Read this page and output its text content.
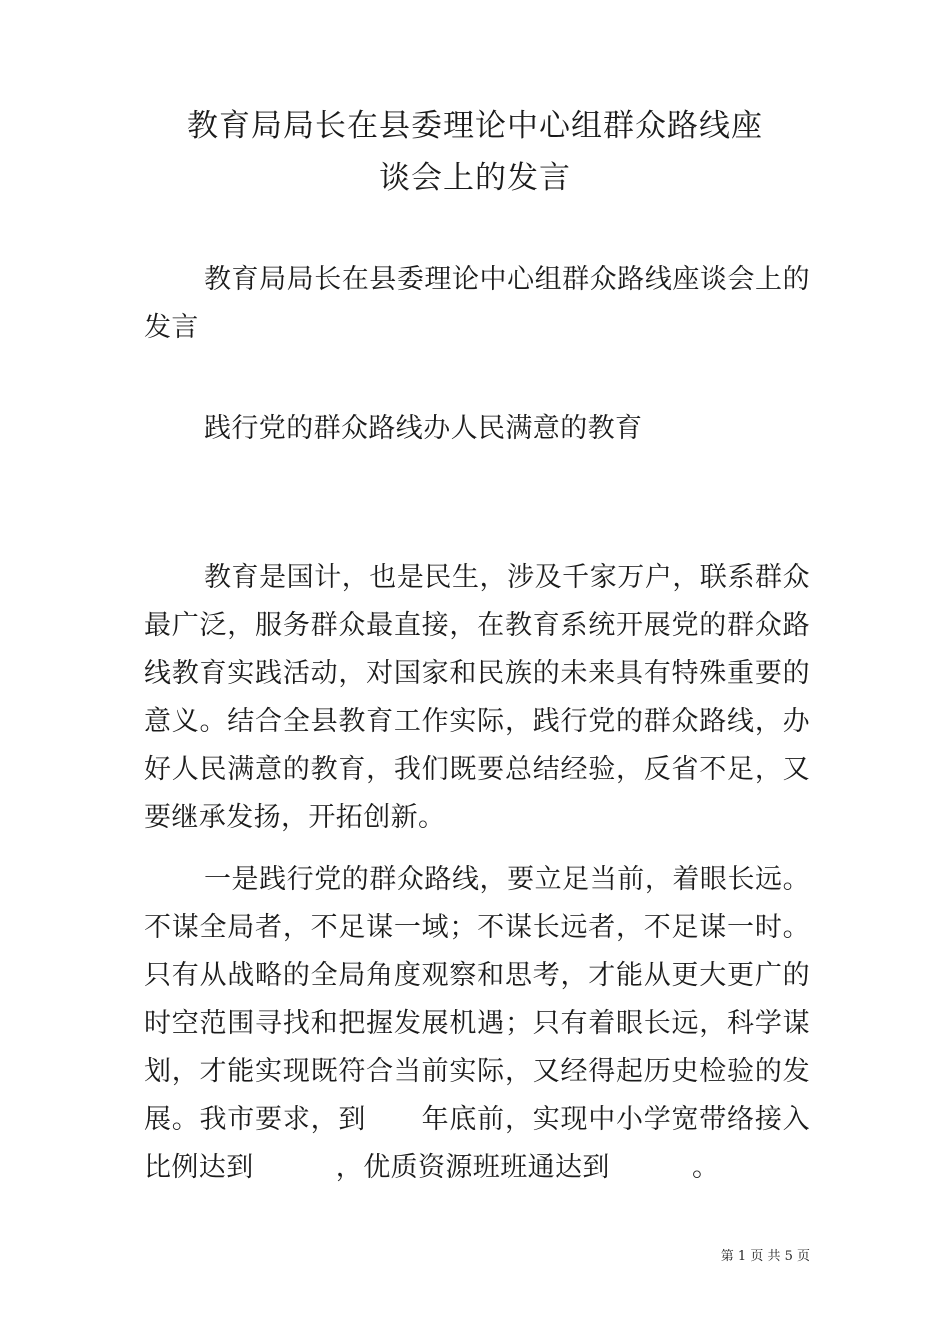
教育局局长在县委理论中心组群众路线座
谈会上的发言

教育局局长在县委理论中心组群众路线座谈会上的发言

践行党的群众路线办人民满意的教育

教育是国计，也是民生，涉及千家万户，联系群众最广泛，服务群众最直接，在教育系统开展党的群众路线教育实践活动，对国家和民族的未来具有特殊重要的意义。结合全县教育工作实际，践行党的群众路线，办好人民满意的教育，我们既要总结经验，反省不足，又要继承发扬，开拓创新。

一是践行党的群众路线，要立足当前，着眼长远。不谋全局者，不足谋一域；不谋长远者，不足谋一时。只有从战略的全局角度观察和思考，才能从更大更广的时空范围寻找和把握发展机遇；只有着眼长远，科学谋划，才能实现既符合当前实际，又经得起历史检验的发展。我市要求，到　　年底前，实现中小学宽带络接入比例达到　　　，优质资源班班通达到　　　。

第 1 页 共 5 页
